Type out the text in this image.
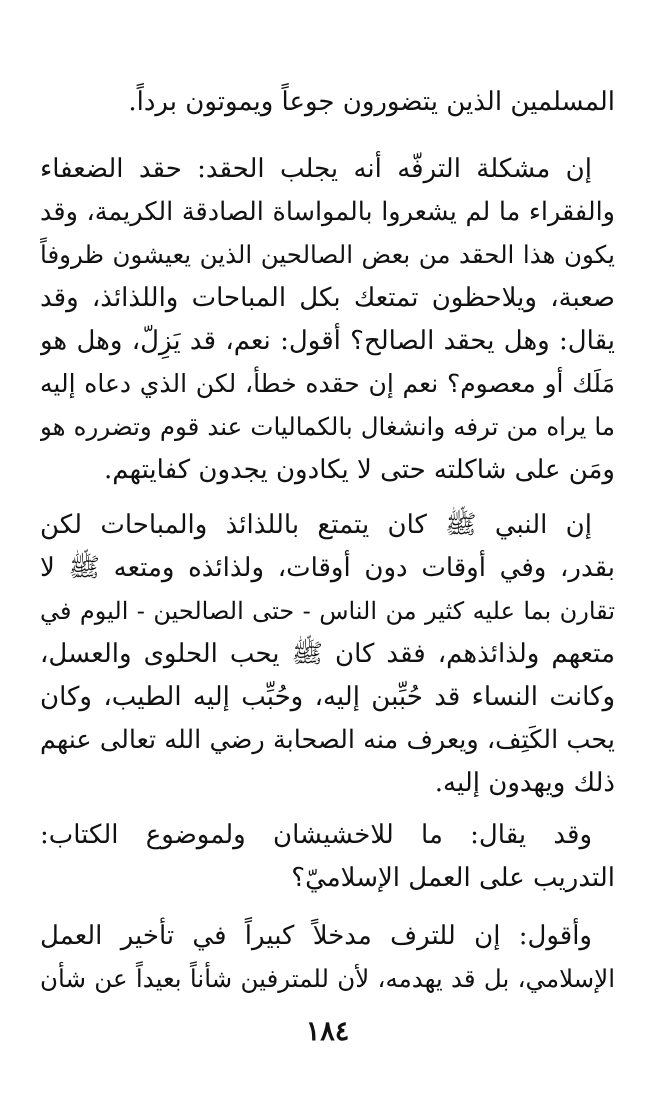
المسلمين الذين يتضورون جوعاً ويموتون برداً.
إن مشكلة الترفّه أنه يجلب الحقد: حقد الضعفاء
والفقراء ما لم يشعروا بالمواساة الصادقة الكريمة، وقد
يكون هذا الحقد من بعض الصالحين الذين يعيشون ظروفاً
صعبة، ويلاحظون تمتعك بكل المباحات واللذائذ، وقد
يقال: وهل يحقد الصالح؟ أقول: نعم، قد يَزِلّ، وهل هو
مَلَك أو معصوم؟ نعم إن حقده خطأ، لكن الذي دعاه إليه
ما يراه من ترفه وانشغال بالكماليات عند قوم وتضرره هو
ومَن على شاكلته حتى لا يكادون يجدون كفايتهم.
إن النبي ﷺ كان يتمتع باللذائذ والمباحات لكن
بقدر، وفي أوقات دون أوقات، ولذائذه ومتعه ﷺ لا
تقارن بما عليه كثير من الناس - حتى الصالحين - اليوم في
متعهم ولذائذهم، فقد كان ﷺ يحب الحلوى والعسل،
وكانت النساء قد حُبِّبن إليه، وحُبِّب إليه الطيب، وكان
يحب الكَتِف، ويعرف منه الصحابة رضي الله تعالى عنهم
ذلك ويهدون إليه.
وقد يقال: ما للاخشيشان ولموضوع الكتاب:
التدريب على العمل الإسلاميّ؟
وأقول: إن للترف مدخلاً كبيراً في تأخير العمل
الإسلامي، بل قد يهدمه، لأن للمترفين شأناً بعيداً عن شأن
١٨٤
